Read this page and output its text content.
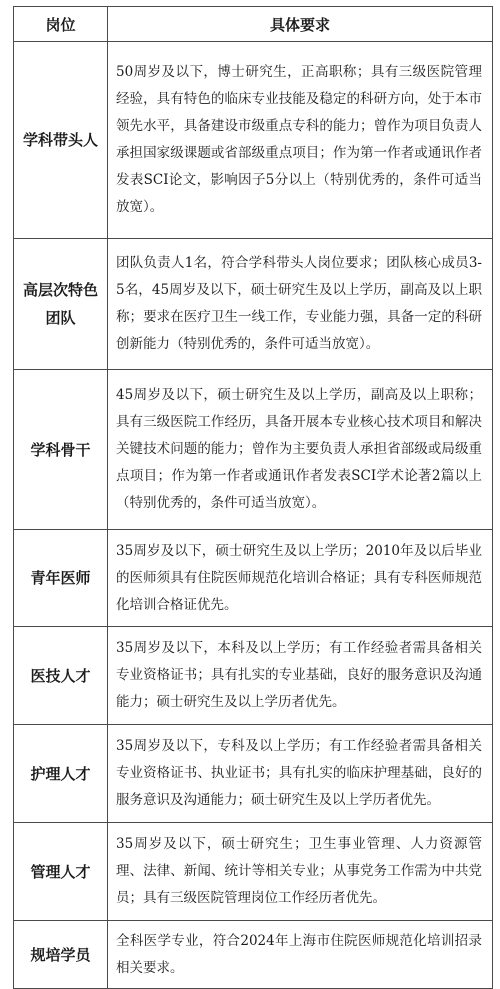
岗位	具体要求
学科带头人	50周岁及以下，博士研究生，正高职称；具有三级医院管理经验，具有特色的临床专业技能及稳定的科研方向，处于本市领先水平，具备建设市级重点专科的能力；曾作为项目负责人承担国家级课题或省部级重点项目；作为第一作者或通讯作者发表SCI论文，影响因子5分以上（特别优秀的，条件可适当放宽）。
高层次特色团队	团队负责人1名，符合学科带头人岗位要求；团队核心成员3-5名，45周岁及以下，硕士研究生及以上学历，副高及以上职称；要求在医疗卫生一线工作，专业能力强，具备一定的科研创新能力（特别优秀的，条件可适当放宽）。
学科骨干	45周岁及以下，硕士研究生及以上学历，副高及以上职称；具有三级医院工作经历，具备开展本专业核心技术项目和解决关键技术问题的能力；曾作为主要负责人承担省部级或局级重点项目；作为第一作者或通讯作者发表SCI学术论著2篇以上（特别优秀的，条件可适当放宽）。
青年医师	35周岁及以下，硕士研究生及以上学历；2010年及以后毕业的医师须具有住院医师规范化培训合格证；具有专科医师规范化培训合格证优先。
医技人才	35周岁及以下，本科及以上学历；有工作经验者需具备相关专业资格证书；具有扎实的专业基础，良好的服务意识及沟通能力；硕士研究生及以上学历者优先。
护理人才	35周岁及以下，专科及以上学历；有工作经验者需具备相关专业资格证书、执业证书；具有扎实的临床护理基础，良好的服务意识及沟通能力；硕士研究生及以上学历者优先。
管理人才	35周岁及以下，硕士研究生；卫生事业管理、人力资源管理、法律、新闻、统计等相关专业；从事党务工作需为中共党员；具有三级医院管理岗位工作经历者优先。
规培学员	全科医学专业，符合2024年上海市住院医师规范化培训招录相关要求。
